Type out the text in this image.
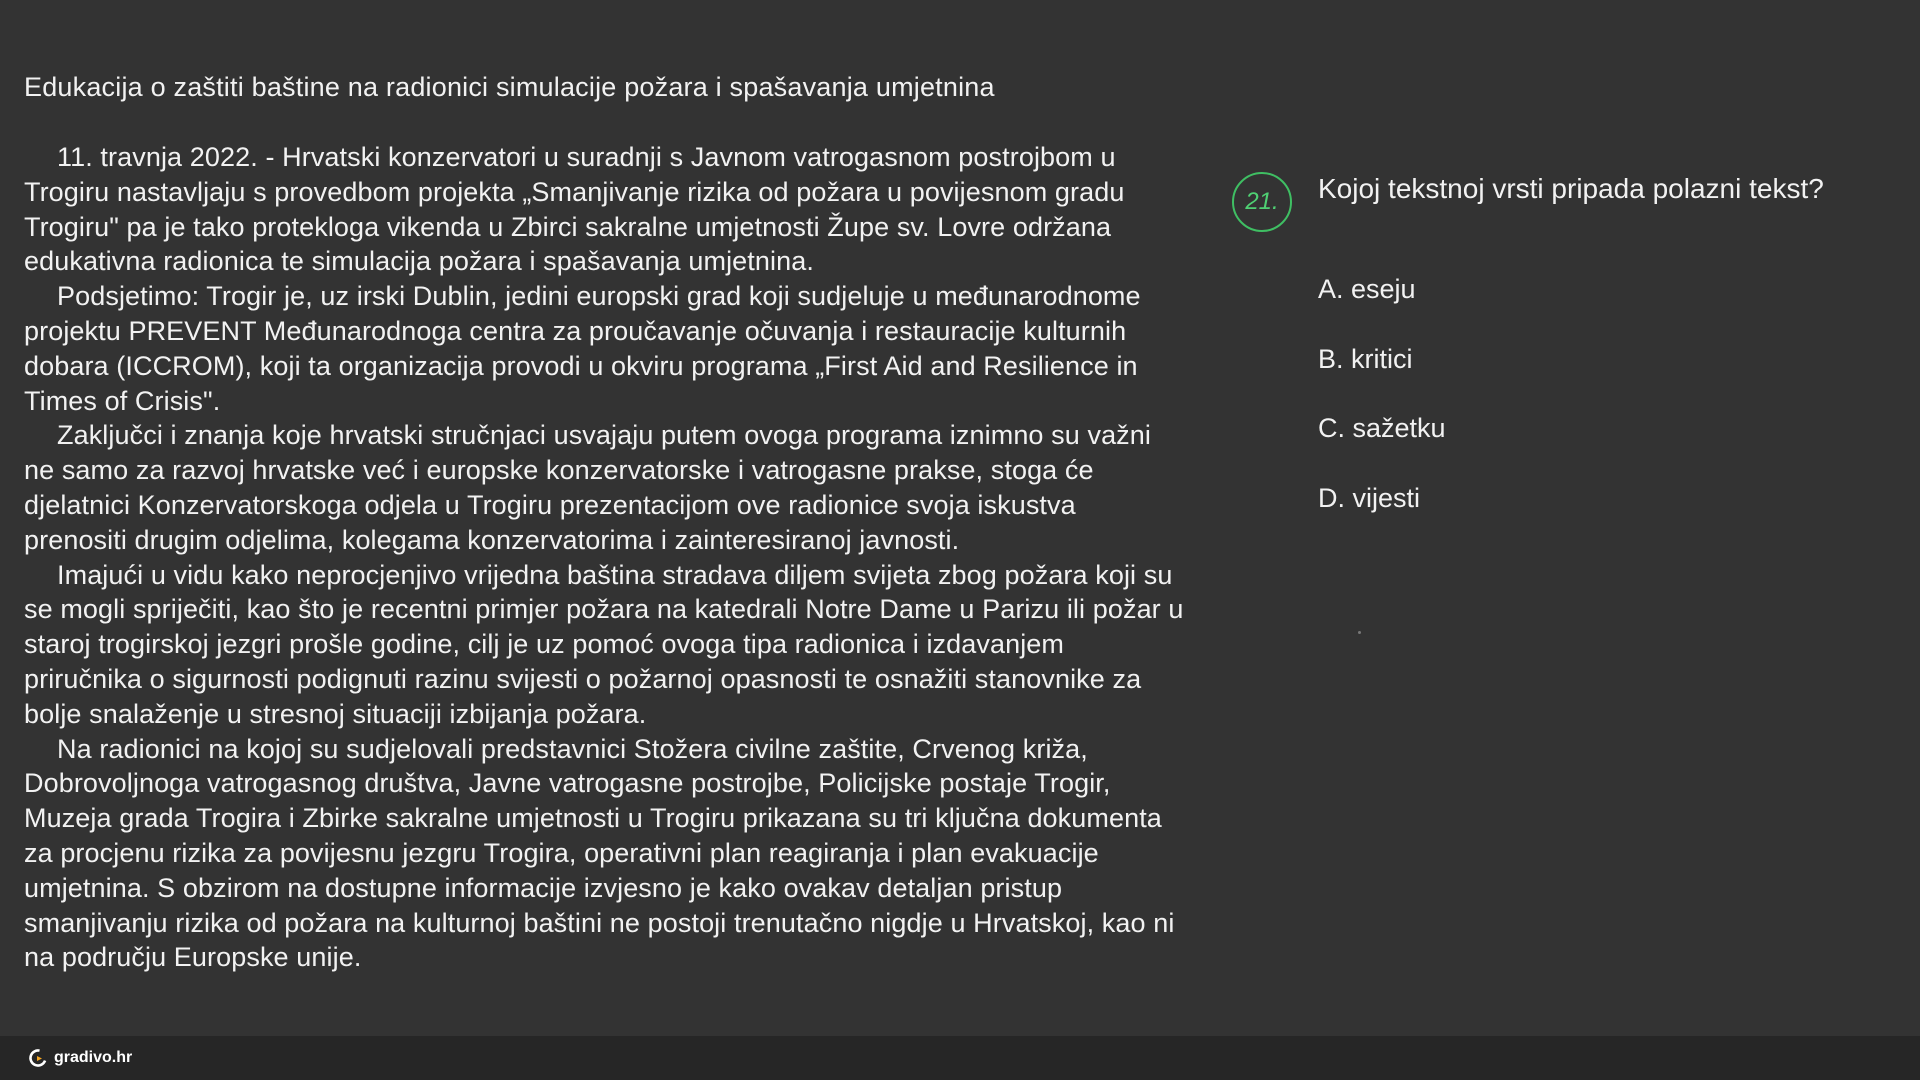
Edukacija o zaštiti baštine na radionici simulacije požara i spašavanja umjetnina

11. travnja 2022. - Hrvatski konzervatori u suradnji s Javnom vatrogasnom postrojbom u Trogiru nastavljaju s provedbom projekta „Smanjivanje rizika od požara u povijesnom gradu Trogiru" pa je tako protekloga vikenda u Zbirci sakralne umjetnosti Župe sv. Lovre održana edukativna radionica te simulacija požara i spašavanja umjetnina.

Podsjetimo: Trogir je, uz irski Dublin, jedini europski grad koji sudjeluje u međunarodnome projektu PREVENT Međunarodnoga centra za proučavanje očuvanja i restauracije kulturnih dobara (ICCROM), koji ta organizacija provodi u okviru programa „First Aid and Resilience in Times of Crisis".

Zaključci i znanja koje hrvatski stručnjaci usvajaju putem ovoga programa iznimno su važni ne samo za razvoj hrvatske već i europske konzervatorske i vatrogasne prakse, stoga će djelatnici Konzervatorskoga odjela u Trogiru prezentacijom ove radionice svoja iskustva prenositi drugim odjelima, kolegama konzervatorima i zainteresiranoj javnosti.

Imajući u vidu kako neprocjenjivo vrijedna baština stradava diljem svijeta zbog požara koji su se mogli spriječiti, kao što je recentni primjer požara na katedrali Notre Dame u Parizu ili požar u staroj trogirskoj jezgri prošle godine, cilj je uz pomoć ovoga tipa radionica i izdavanjem priručnika o sigurnosti podignuti razinu svijesti o požarnoj opasnosti te osnažiti stanovnike za bolje snalaženje u stresnoj situaciji izbijanja požara.

Na radionici na kojoj su sudjelovali predstavnici Stožera civilne zaštite, Crvenog križa, Dobrovoljnoga vatrogasnog društva, Javne vatrogasne postrojbe, Policijske postaje Trogir, Muzeja grada Trogira i Zbirke sakralne umjetnosti u Trogiru prikazana su tri ključna dokumenta za procjenu rizika za povijesnu jezgru Trogira, operativni plan reagiranja i plan evakuacije umjetnina. S obzirom na dostupne informacije izvjesno je kako ovakav detaljan pristup smanjivanju rizika od požara na kulturnoj baštini ne postoji trenutačno nigdje u Hrvatskoj, kao ni na području Europske unije.

21.	Kojoj tekstnoj vrsti pripada polazni tekst?
A. eseju
B. kritici
C. sažetku
D. vijesti
gradivo.hr
